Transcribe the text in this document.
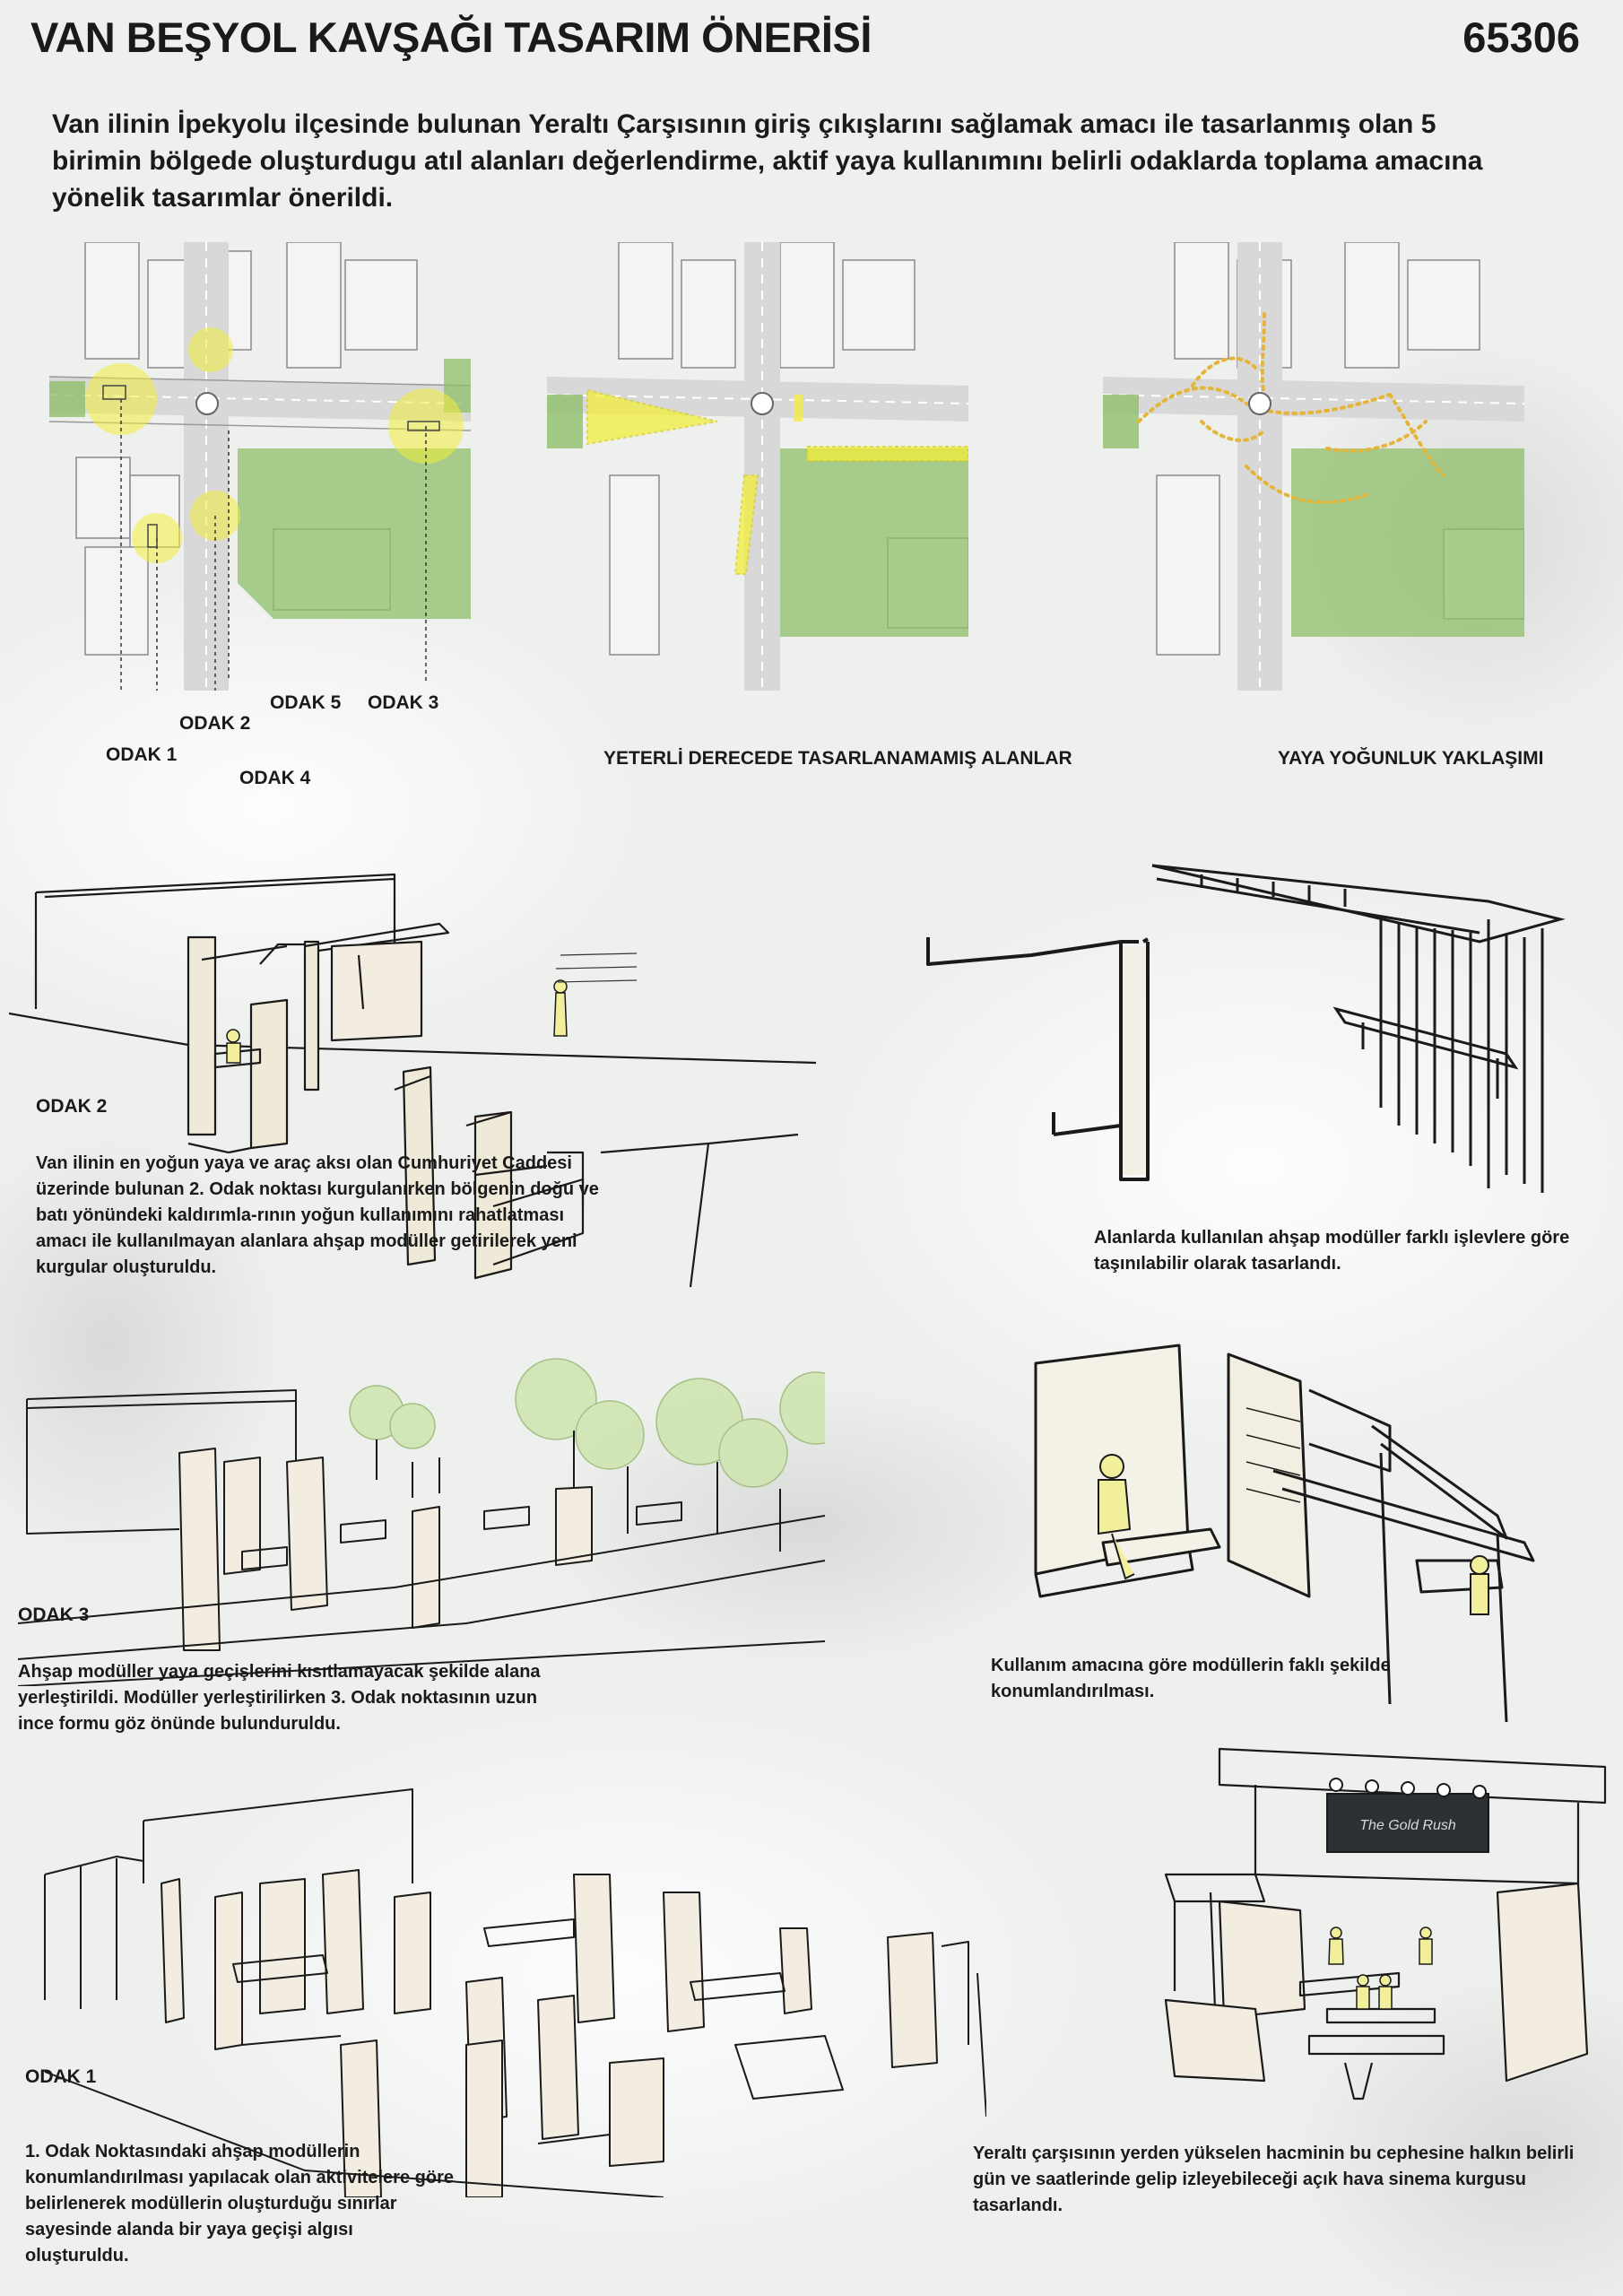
VAN BEŞYOL KAVŞAĞI TASARIM ÖNERİSİ	65306
Van ilinin İpekyolu ilçesinde bulunan Yeraltı Çarşısının giriş çıkışlarını sağlamak amacı ile tasarlanmış olan 5 birimin bölgede oluşturdugu atıl alanları değerlendirme, aktif yaya kullanımını belirli odaklarda toplama amacına yönelik tasarımlar önerildi.
ODAK 1
ODAK 2
ODAK 5 ODAK 3
ODAK 4
YETERLİ DERECEDE TASARLANAMAMIŞ ALANLAR	YAYA YOĞUNLUK YAKLAŞIMI
ODAK 2
Van ilinin en yoğun yaya ve araç aksı olan Cumhuriyet Caddesi üzerinde bulunan 2. Odak noktası kurgulanırken bölgenin doğu ve batı yönündeki kaldırımla-rının yoğun kullanımını rahatlatması amacı ile kullanılmayan alanlara ahşap modüller getirilerek yeni kurgular oluşturuldu.
Alanlarda kullanılan ahşap modüller farklı işlevlere göre taşınılabilir olarak tasarlandı.
ODAK 3
Ahşap modüller yaya geçişlerini kısıtlamayacak şekilde alana yerleştirildi. Modüller yerleştirilirken 3. Odak noktasının uzun ince formu göz önünde bulunduruldu.
Kullanım amacına göre modüllerin faklı şekilde konumlandırılması.
ODAK 1
1. Odak Noktasındaki ahşap modüllerin konumlandırılması yapılacak olan aktivitelere göre belirlenerek modüllerin oluşturduğu sınırlar sayesinde alanda bir yaya geçişi algısı oluşturuldu.
The Gold Rush
Yeraltı çarşısının yerden yükselen hacminin bu cephesine halkın belirli gün ve saatlerinde gelip izleyebileceği açık hava sinema kurgusu tasarlandı.
